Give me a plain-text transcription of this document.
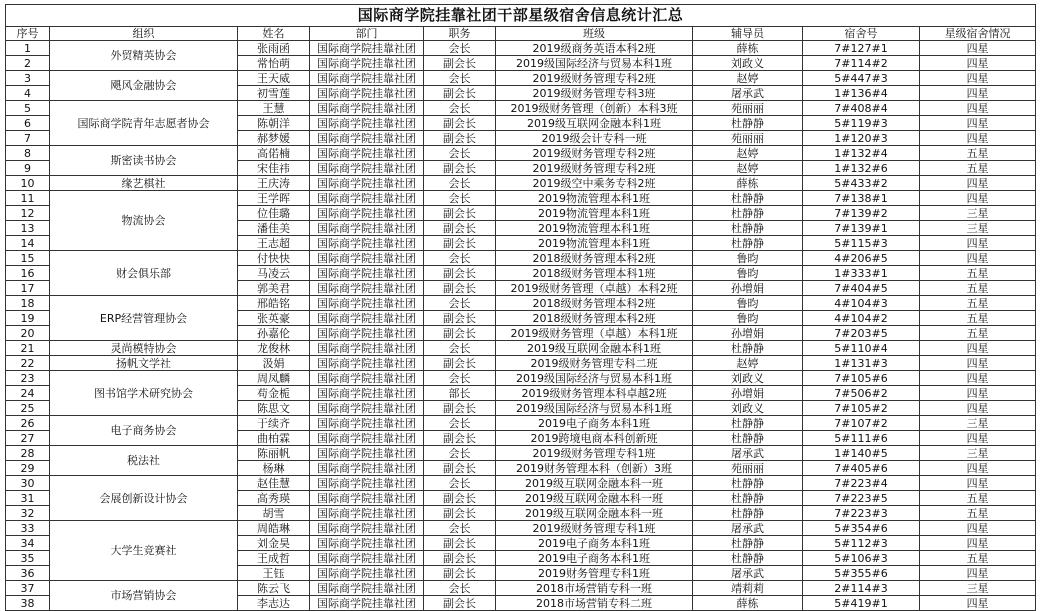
国际商学院挂靠社团干部星级宿舍信息统计汇总								
序号	组织	姓名	部门	职务	班级	辅导员	宿舍号	星级宿舍情况
1	外贸精英协会	张雨函	国际商学院挂靠社团	会长	2019级商务英语本科2班	薛栋	7#127#1	四星
2		常怡萌	国际商学院挂靠社团	副会长	2019级国际经济与贸易本科1班	刘政义	7#114#2	四星
3	飓风金融协会	王天威	国际商学院挂靠社团	会长	2019级财务管理专科2班	赵婷	5#447#3	四星
4		初雪莲	国际商学院挂靠社团	副会长	2019级财务管理专科3班	屠承武	1#136#4	四星
5	国际商学院青年志愿者协会	王慧	国际商学院挂靠社团	会长	2019级财务管理（创新）本科3班	苑丽丽	7#408#4	四星
6		陈朝洋	国际商学院挂靠社团	副会长	2019级互联网金融本科1班	杜静静	5#119#3	四星
7		郝梦媛	国际商学院挂靠社团	副会长	2019级会计专科一班	苑丽丽	1#120#3	四星
8	斯密读书协会	高偌楠	国际商学院挂靠社团	会长	2019级财务管理专科2班	赵婷	1#132#4	五星
9		宋佳祎	国际商学院挂靠社团	副会长	2019级财务管理专科2班	赵婷	1#132#6	五星
10	缘艺棋社	王庆涛	国际商学院挂靠社团	会长	2019级空中乘务专科2班	薛栋	5#433#2	四星
11	物流协会	王学晖	国际商学院挂靠社团	会长	2019物流管理本科1班	杜静静	7#138#1	四星
12		位佳璐	国际商学院挂靠社团	副会长	2019物流管理本科1班	杜静静	7#139#2	三星
13		潘佳美	国际商学院挂靠社团	副会长	2019物流管理本科1班	杜静静	7#139#1	三星
14		王志超	国际商学院挂靠社团	副会长	2019物流管理本科1班	杜静静	5#115#3	四星
15	财会俱乐部	付快快	国际商学院挂靠社团	会长	2018级财务管理本科2班	鲁昀	4#206#5	四星
16		马凌云	国际商学院挂靠社团	副会长	2018级财务管理本科1班	鲁昀	1#333#1	五星
17		郭美君	国际商学院挂靠社团	副会长	2019级财务管理（卓越）本科2班	孙增娟	7#404#5	五星
18	ERP经营管理协会	邢皓铭	国际商学院挂靠社团	会长	2018级财务管理本科2班	鲁昀	4#104#3	五星
19		张英豪	国际商学院挂靠社团	副会长	2018级财务管理本科2班	鲁昀	4#104#2	五星
20		孙嘉伦	国际商学院挂靠社团	副会长	2019级财务管理（卓越）本科1班	孙增娟	7#203#5	五星
21	灵尚模特协会	龙俊林	国际商学院挂靠社团	会长	2019级互联网金融本科1班	杜静静	5#110#4	四星
22	扬帆文学社	汲娟	国际商学院挂靠社团	副会长	2019级财务管理专科二班	赵婷	1#131#3	四星
23	图书馆学术研究协会	周凤麟	国际商学院挂靠社团	会长	2019级国际经济与贸易本科1班	刘政义	7#105#6	四星
24		苟金栀	国际商学院挂靠社团	部长	2019级财务管理本科卓越2班	孙增娟	7#506#2	四星
25		陈思文	国际商学院挂靠社团	副会长	2019级国际经济与贸易本科1班	刘政义	7#105#2	四星
26	电子商务协会	于续齐	国际商学院挂靠社团	会长	2019电子商务本科1班	杜静静	7#107#2	三星
27		曲柏霖	国际商学院挂靠社团	副会长	2019跨境电商本科创新班	杜静静	5#111#6	四星
28	税法社	陈丽帆	国际商学院挂靠社团	会长	2019级财务管理专科1班	屠承武	1#140#5	三星
29		杨琳	国际商学院挂靠社团	副会长	2019财务管理本科（创新）3班	苑丽丽	7#405#6	四星
30	会展创新设计协会	赵佳慧	国际商学院挂靠社团	会长	2019级互联网金融本科一班	杜静静	7#223#4	四星
31		高秀瑛	国际商学院挂靠社团	副会长	2019级互联网金融本科一班	杜静静	7#223#5	五星
32		胡雪	国际商学院挂靠社团	副会长	2019级互联网金融本科一班	杜静静	7#223#3	五星
33	大学生竞赛社	周皓琳	国际商学院挂靠社团	会长	2019级财务管理专科1班	屠承武	5#354#6	四星
34		刘金昊	国际商学院挂靠社团	副会长	2019电子商务本科1班	杜静静	5#112#3	四星
35		王成哲	国际商学院挂靠社团	副会长	2019电子商务本科1班	杜静静	5#106#3	五星
36		王钰	国际商学院挂靠社团	副会长	2019财务管理专科1班	屠承武	5#355#6	四星
37	市场营销协会	陈云飞	国际商学院挂靠社团	会长	2018市场营销专科一班	靖莉莉	2#114#3	三星
38		李志达	国际商学院挂靠社团	副会长	2018市场营销专科二班	薛栋	5#419#1	四星
